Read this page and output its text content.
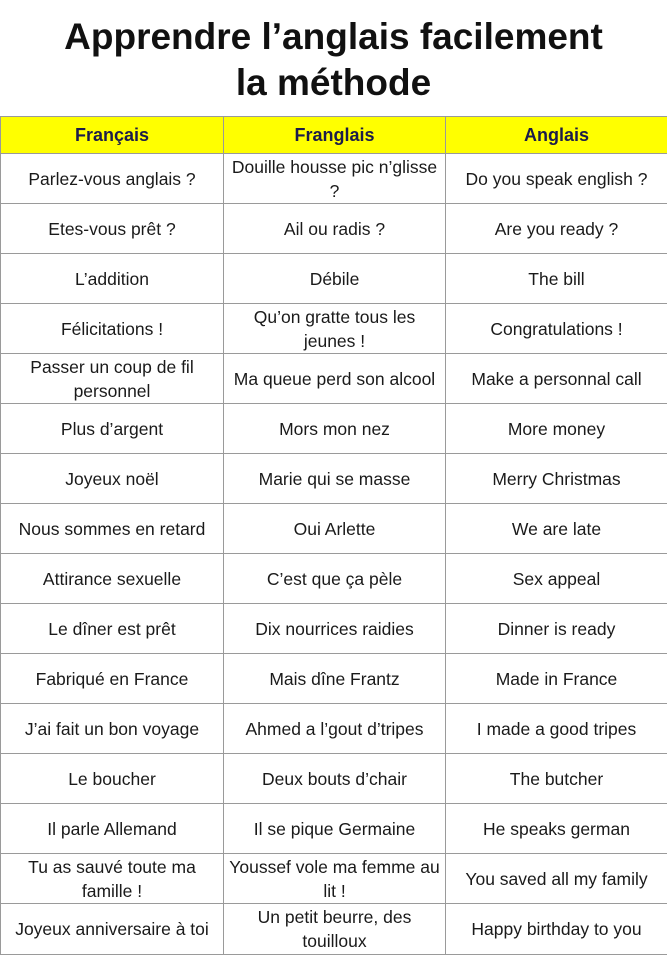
Apprendre l’anglais facilement
la méthode
Français	Franglais	Anglais
Parlez-vous anglais ?	Douille housse pic n’glisse ?	Do you speak english ?
Etes-vous prêt ?	Ail ou radis ?	Are you ready ?
L’addition	Débile	The bill
Félicitations !	Qu’on gratte tous les jeunes !	Congratulations !
Passer un coup de fil personnel	Ma queue perd son alcool	Make a personnal call
Plus d’argent	Mors mon nez	More money
Joyeux noël	Marie qui se masse	Merry Christmas
Nous sommes en retard	Oui Arlette	We are late
Attirance sexuelle	C’est que ça pèle	Sex appeal
Le dîner est prêt	Dix nourrices raidies	Dinner is ready
Fabriqué en France	Mais dîne Frantz	Made in France
J’ai fait un bon voyage	Ahmed a l’gout d’tripes	I made a good tripes
Le boucher	Deux bouts d’chair	The butcher
Il parle Allemand	Il se pique Germaine	He speaks german
Tu as sauvé toute ma famille !	Youssef vole ma femme au lit !	You saved all my family
Joyeux anniversaire à toi	Un petit beurre, des touilloux	Happy birthday to you
